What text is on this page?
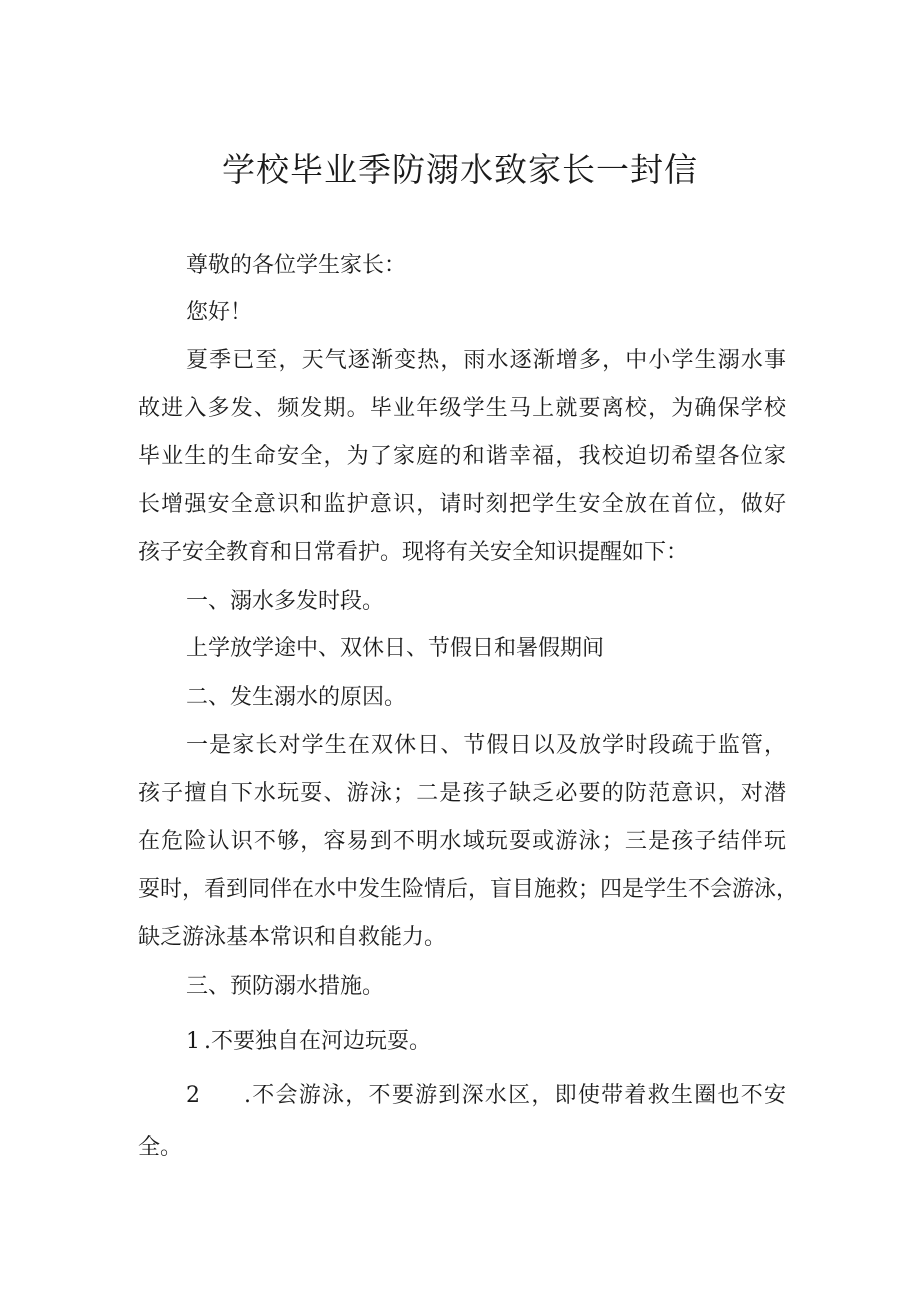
学校毕业季防溺水致家长一封信

尊敬的各位学生家长：

您好！

夏季已至，天气逐渐变热，雨水逐渐增多，中小学生溺水事

故进入多发、频发期。毕业年级学生马上就要离校，为确保学校

毕业生的生命安全，为了家庭的和谐幸福，我校迫切希望各位家

长增强安全意识和监护意识，请时刻把学生安全放在首位，做好

孩子安全教育和日常看护。现将有关安全知识提醒如下：

一、溺水多发时段。

上学放学途中、双休日、节假日和暑假期间

二、发生溺水的原因。

一是家长对学生在双休日、节假日以及放学时段疏于监管，

孩子擅自下水玩耍、游泳；二是孩子缺乏必要的防范意识，对潜

在危险认识不够，容易到不明水域玩耍或游泳；三是孩子结伴玩

耍时，看到同伴在水中发生险情后，盲目施救；四是学生不会游泳，

缺乏游泳基本常识和自救能力。

三、预防溺水措施。

1 .不要独自在河边玩耍。
2 .不会游泳，不要游到深水区，即使带着救生圈也不安
全。
